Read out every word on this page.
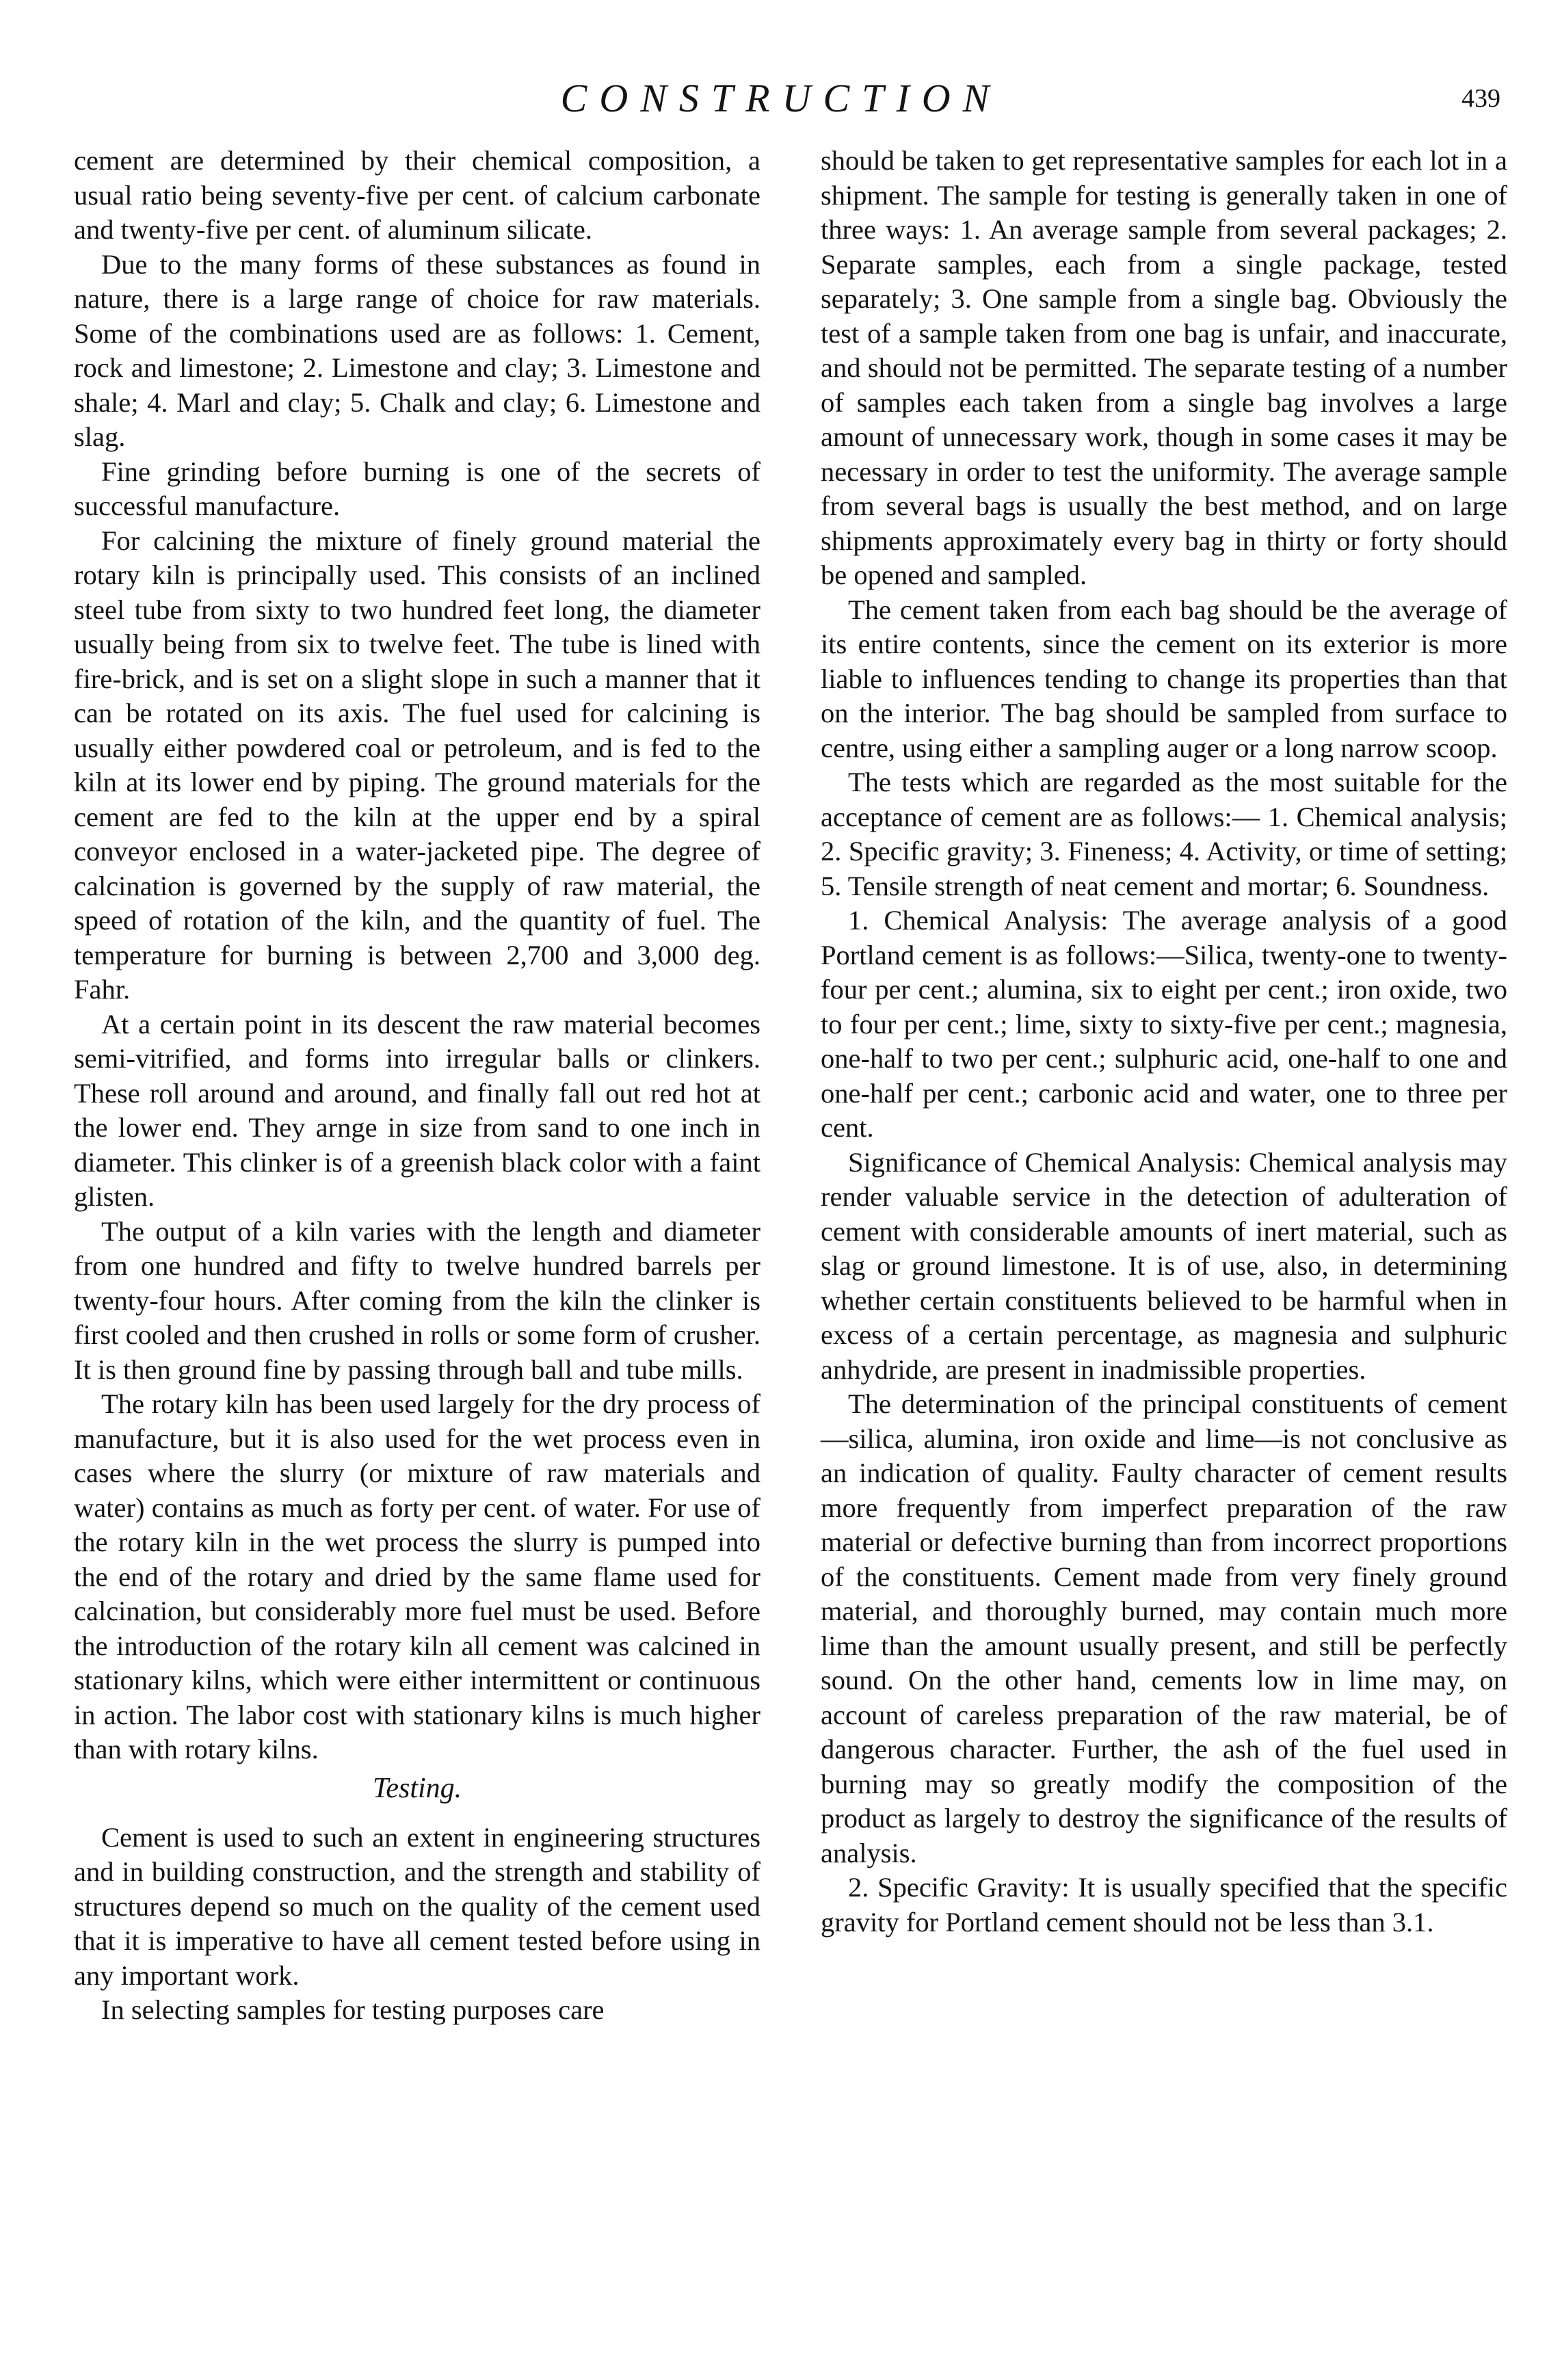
CONSTRUCTION	439

cement are determined by their chemical composition, a usual ratio being seventy-five per cent. of calcium carbonate and twenty-five per cent. of aluminum silicate.

Due to the many forms of these substances as found in nature, there is a large range of choice for raw materials. Some of the combinations used are as follows: 1. Cement, rock and limestone; 2. Limestone and clay; 3. Limestone and shale; 4. Marl and clay; 5. Chalk and clay; 6. Limestone and slag.

Fine grinding before burning is one of the secrets of successful manufacture.

For calcining the mixture of finely ground material the rotary kiln is principally used. This consists of an inclined steel tube from sixty to two hundred feet long, the diameter usually being from six to twelve feet. The tube is lined with fire-brick, and is set on a slight slope in such a manner that it can be rotated on its axis. The fuel used for calcining is usually either powdered coal or petroleum, and is fed to the kiln at its lower end by piping. The ground materials for the cement are fed to the kiln at the upper end by a spiral conveyor enclosed in a water-jacketed pipe. The degree of calcination is governed by the supply of raw material, the speed of rotation of the kiln, and the quantity of fuel. The temperature for burning is between 2,700 and 3,000 deg. Fahr.

At a certain point in its descent the raw material becomes semi-vitrified, and forms into irregular balls or clinkers. These roll around and around, and finally fall out red hot at the lower end. They arnge in size from sand to one inch in diameter. This clinker is of a greenish black color with a faint glisten.

The output of a kiln varies with the length and diameter from one hundred and fifty to twelve hundred barrels per twenty-four hours. After coming from the kiln the clinker is first cooled and then crushed in rolls or some form of crusher. It is then ground fine by passing through ball and tube mills.

The rotary kiln has been used largely for the dry process of manufacture, but it is also used for the wet process even in cases where the slurry (or mixture of raw materials and water) contains as much as forty per cent. of water. For use of the rotary kiln in the wet process the slurry is pumped into the end of the rotary and dried by the same flame used for calcination, but considerably more fuel must be used. Before the introduction of the rotary kiln all cement was calcined in stationary kilns, which were either intermittent or continuous in action. The labor cost with stationary kilns is much higher than with rotary kilns.

Testing.

Cement is used to such an extent in engineering structures and in building construction, and the strength and stability of structures depend so much on the quality of the cement used that it is imperative to have all cement tested before using in any important work.

In selecting samples for testing purposes care

should be taken to get representative samples for each lot in a shipment. The sample for testing is generally taken in one of three ways: 1. An average sample from several packages; 2. Separate samples, each from a single package, tested separately; 3. One sample from a single bag. Obviously the test of a sample taken from one bag is unfair, and inaccurate, and should not be permitted. The separate testing of a number of samples each taken from a single bag involves a large amount of unnecessary work, though in some cases it may be necessary in order to test the uniformity. The average sample from several bags is usually the best method, and on large shipments approximately every bag in thirty or forty should be opened and sampled.

The cement taken from each bag should be the average of its entire contents, since the cement on its exterior is more liable to influences tending to change its properties than that on the interior. The bag should be sampled from surface to centre, using either a sampling auger or a long narrow scoop.

The tests which are regarded as the most suitable for the acceptance of cement are as follows:— 1. Chemical analysis; 2. Specific gravity; 3. Fineness; 4. Activity, or time of setting; 5. Tensile strength of neat cement and mortar; 6. Soundness.

1. Chemical Analysis: The average analysis of a good Portland cement is as follows:—Silica, twenty-one to twenty-four per cent.; alumina, six to eight per cent.; iron oxide, two to four per cent.; lime, sixty to sixty-five per cent.; magnesia, one-half to two per cent.; sulphuric acid, one-half to one and one-half per cent.; carbonic acid and water, one to three per cent.

Significance of Chemical Analysis: Chemical analysis may render valuable service in the detection of adulteration of cement with considerable amounts of inert material, such as slag or ground limestone. It is of use, also, in determining whether certain constituents believed to be harmful when in excess of a certain percentage, as magnesia and sulphuric anhydride, are present in inadmissible properties.

The determination of the principal constituents of cement—silica, alumina, iron oxide and lime—is not conclusive as an indication of quality. Faulty character of cement results more frequently from imperfect preparation of the raw material or defective burning than from incorrect proportions of the constituents. Cement made from very finely ground material, and thoroughly burned, may contain much more lime than the amount usually present, and still be perfectly sound. On the other hand, cements low in lime may, on account of careless preparation of the raw material, be of dangerous character. Further, the ash of the fuel used in burning may so greatly modify the composition of the product as largely to destroy the significance of the results of analysis.

2. Specific Gravity: It is usually specified that the specific gravity for Portland cement should not be less than 3.1.
